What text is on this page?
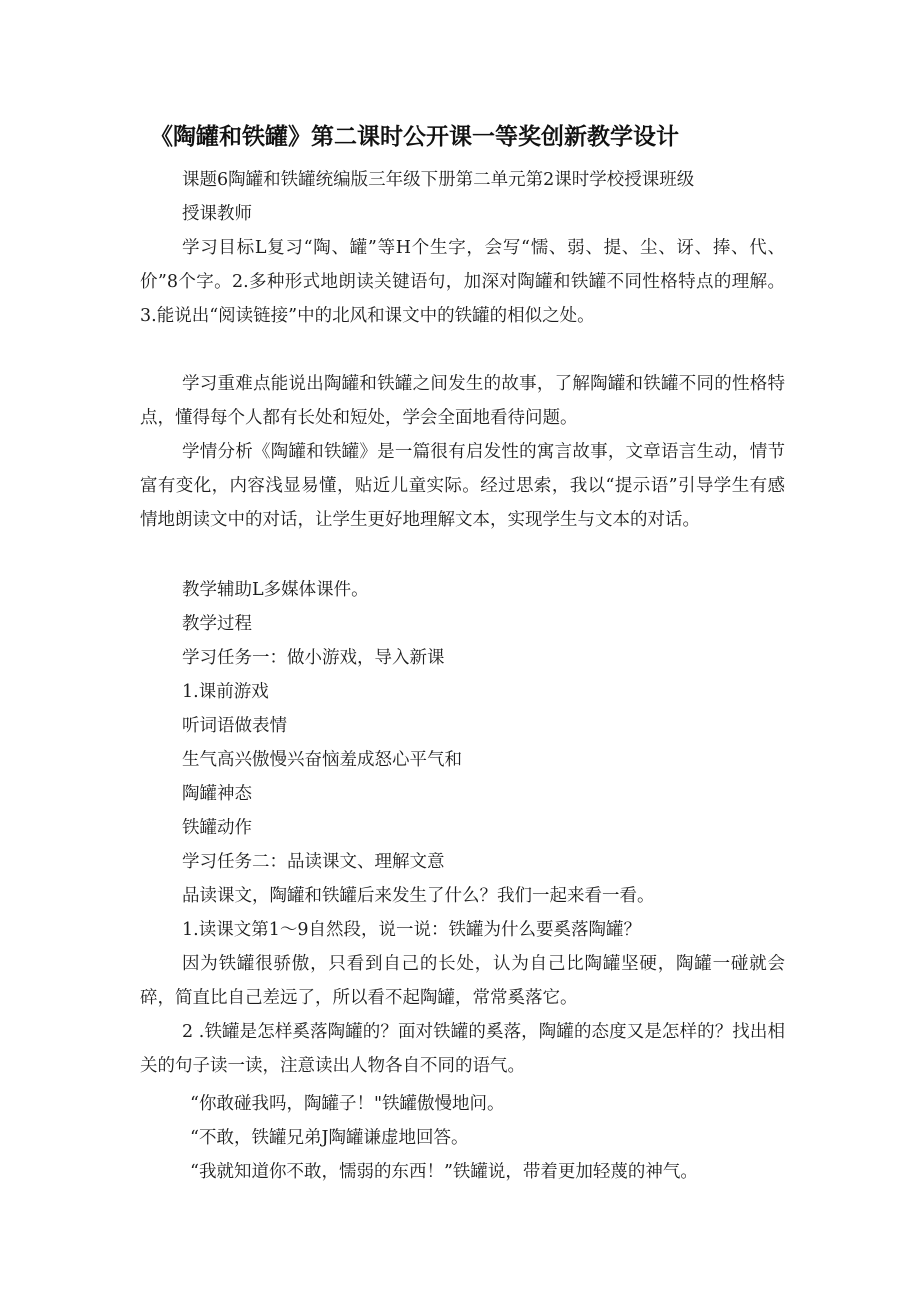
《陶罐和铁罐》第二课时公开课一等奖创新教学设计
课题6陶罐和铁罐统编版三年级下册第二单元第2课时学校授课班级
授课教师

学习目标L复习“陶、罐”等H个生字，会写“懦、弱、提、尘、讶、捧、代、价”8个字。2.多种形式地朗读关键语句，加深对陶罐和铁罐不同性格特点的理解。3.能说出“阅读链接”中的北风和课文中的铁罐的相似之处。

学习重难点能说出陶罐和铁罐之间发生的故事，了解陶罐和铁罐不同的性格特点，懂得每个人都有长处和短处，学会全面地看待问题。

学情分析《陶罐和铁罐》是一篇很有启发性的寓言故事，文章语言生动，情节富有变化，内容浅显易懂，贴近儿童实际。经过思索，我以“提示语”引导学生有感情地朗读文中的对话，让学生更好地理解文本，实现学生与文本的对话。

教学辅助L多媒体课件。
教学过程
学习任务一：做小游戏，导入新课
1.课前游戏
听词语做表情
生气高兴傲慢兴奋恼羞成怒心平气和
陶罐神态
铁罐动作
学习任务二：品读课文、理解文意
品读课文，陶罐和铁罐后来发生了什么？我们一起来看一看。
1.读课文第1～9自然段，说一说：铁罐为什么要奚落陶罐？

因为铁罐很骄傲，只看到自己的长处，认为自己比陶罐坚硬，陶罐一碰就会碎，简直比自己差远了，所以看不起陶罐，常常奚落它。

2 .铁罐是怎样奚落陶罐的？面对铁罐的奚落，陶罐的态度又是怎样的？找出相关的句子读一读，注意读出人物各自不同的语气。

“你敢碰我吗，陶罐子！"铁罐傲慢地问。
“不敢，铁罐兄弟J陶罐谦虚地回答。
“我就知道你不敢，懦弱的东西！”铁罐说，带着更加轻蔑的神气。
